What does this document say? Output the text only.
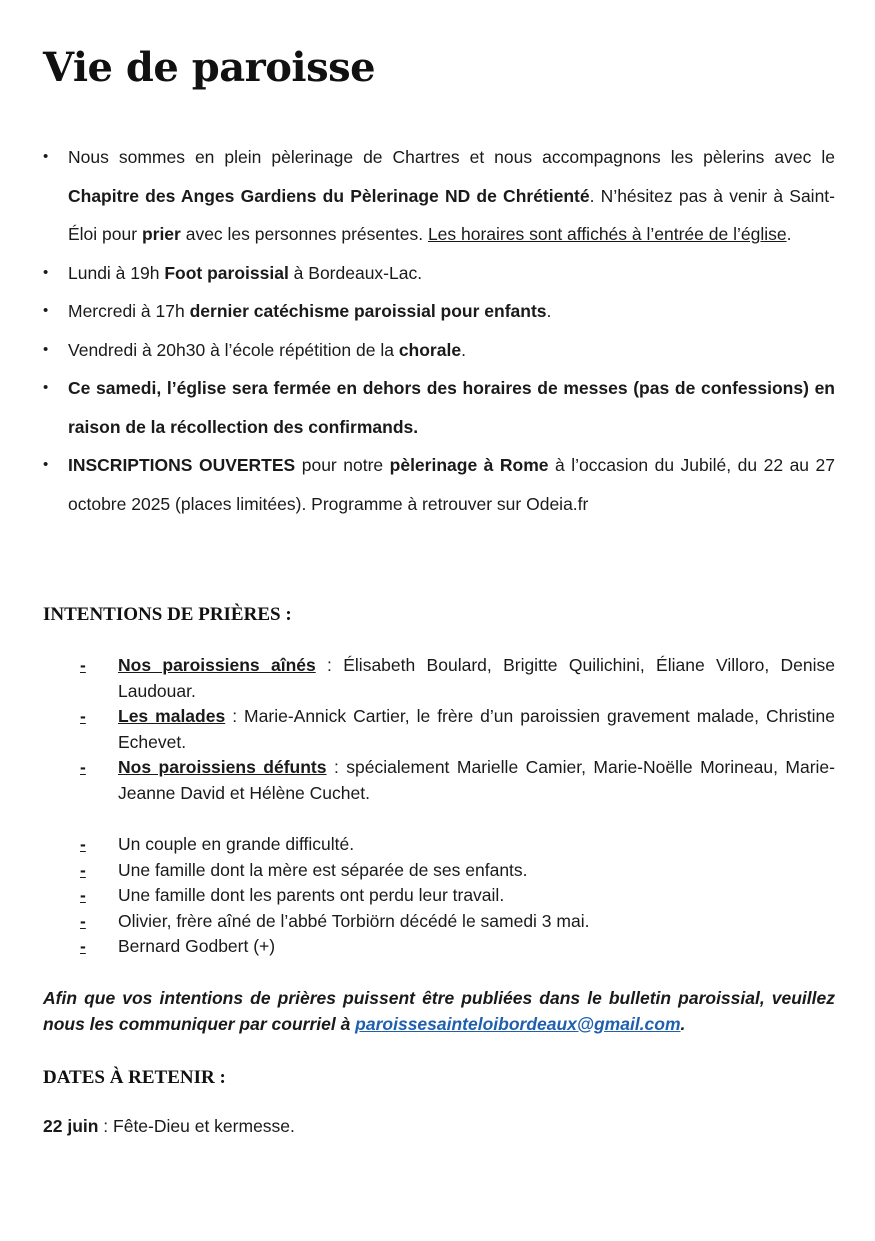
Vie de paroisse
• Nous sommes en plein pèlerinage de Chartres et nous accompagnons les pèlerins avec le Chapitre des Anges Gardiens du Pèlerinage ND de Chrétienté. N’hésitez pas à venir à Saint-Éloi pour prier avec les personnes présentes. Les horaires sont affichés à l’entrée de l’église.
• Lundi à 19h Foot paroissial à Bordeaux-Lac.
• Mercredi à 17h dernier catéchisme paroissial pour enfants.
• Vendredi à 20h30 à l’école répétition de la chorale.
• Ce samedi, l’église sera fermée en dehors des horaires de messes (pas de confessions) en raison de la récollection des confirmands.
• INSCRIPTIONS OUVERTES pour notre pèlerinage à Rome à l’occasion du Jubilé, du 22 au 27 octobre 2025 (places limitées). Programme à retrouver sur Odeia.fr
INTENTIONS DE PRIÈRES :
- Nos paroissiens aînés : Élisabeth Boulard, Brigitte Quilichini, Éliane Villoro, Denise Laudouar.
- Les malades : Marie-Annick Cartier, le frère d’un paroissien gravement malade, Christine Echevet.
- Nos paroissiens défunts : spécialement Marielle Camier, Marie-Noëlle Morineau, Marie-Jeanne David et Hélène Cuchet.
- Un couple en grande difficulté.
- Une famille dont la mère est séparée de ses enfants.
- Une famille dont les parents ont perdu leur travail.
- Olivier, frère aîné de l’abbé Torbiörn décédé le samedi 3 mai.
- Bernard Godbert (+)

Afin que vos intentions de prières puissent être publiées dans le bulletin paroissial, veuillez nous les communiquer par courriel à paroissesainteloibordeaux@gmail.com.

DATES À RETENIR :

22 juin : Fête-Dieu et kermesse.
